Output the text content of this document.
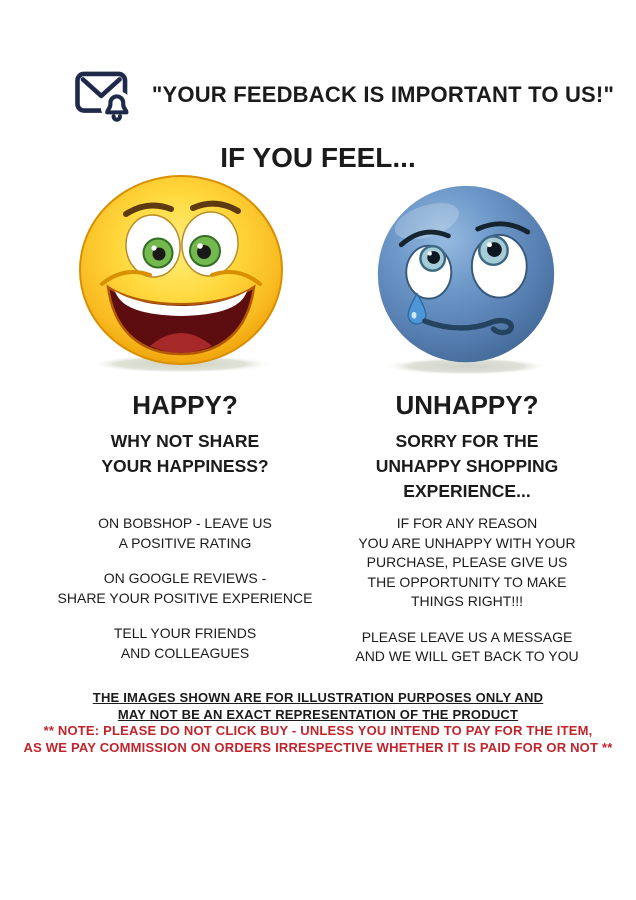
"YOUR FEEDBACK IS IMPORTANT TO US!"
IF YOU FEEL...
HAPPY?
WHY NOT SHARE
YOUR HAPPINESS?
ON BOBSHOP - LEAVE US
A POSITIVE RATING
ON GOOGLE REVIEWS -
SHARE YOUR POSITIVE EXPERIENCE
TELL YOUR FRIENDS
AND COLLEAGUES
UNHAPPY?
SORRY FOR THE
UNHAPPY SHOPPING
EXPERIENCE...
IF FOR ANY REASON
YOU ARE UNHAPPY WITH YOUR
PURCHASE, PLEASE GIVE US
THE OPPORTUNITY TO MAKE
THINGS RIGHT!!!
PLEASE LEAVE US A MESSAGE
AND WE WILL GET BACK TO YOU
THE IMAGES SHOWN ARE FOR ILLUSTRATION PURPOSES ONLY AND
MAY NOT BE AN EXACT REPRESENTATION OF THE PRODUCT
** NOTE: PLEASE DO NOT CLICK BUY - UNLESS YOU INTEND TO PAY FOR THE ITEM,
AS WE PAY COMMISSION ON ORDERS IRRESPECTIVE WHETHER IT IS PAID FOR OR NOT **
